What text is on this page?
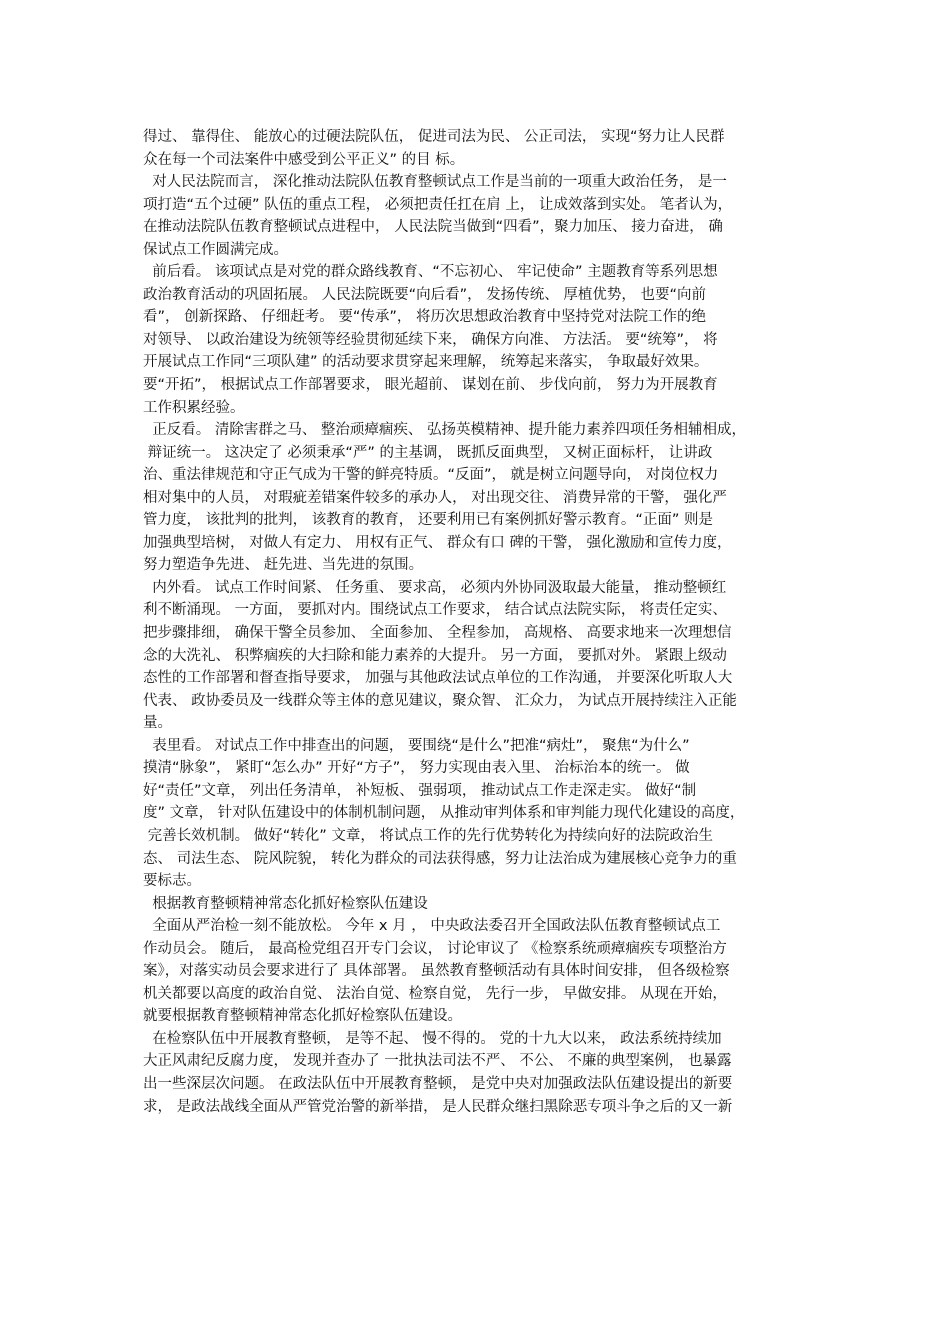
得过、 靠得住、 能放心的过硬法院队伍， 促进司法为民、 公正司法， 实现“努力让人民群
众在每一个司法案件中感受到公平正义” 的目 标。
对人民法院而言， 深化推动法院队伍教育整顿试点工作是当前的一项重大政治任务， 是一
项打造“五个过硬” 队伍的重点工程， 必须把责任扛在肩 上， 让成效落到实处。 笔者认为，
在推动法院队伍教育整顿试点进程中， 人民法院当做到“四看”，聚力加压、 接力奋进， 确
保试点工作圆满完成。
前后看。 该项试点是对党的群众路线教育、“不忘初心、 牢记使命” 主题教育等系列思想
政治教育活动的巩固拓展。 人民法院既要“向后看”， 发扬传统、 厚植优势， 也要“向前
看”， 创新探路、 仔细赶考。 要“传承”， 将历次思想政治教育中坚持党对法院工作的绝
对领导、 以政治建设为统领等经验贯彻延续下来， 确保方向准、 方法活。 要“统筹”， 将
开展试点工作同“三项队建” 的活动要求贯穿起来理解， 统筹起来落实， 争取最好效果。
要“开拓”， 根据试点工作部署要求， 眼光超前、 谋划在前、 步伐向前， 努力为开展教育
工作积累经验。
正反看。 清除害群之马、 整治顽瘴痼疾、 弘扬英模精神、提升能力素养四项任务相辅相成，
辩证统一。 这决定了 必须秉承“严” 的主基调， 既抓反面典型， 又树正面标杆， 让讲政
治、重法律规范和守正气成为干警的鲜亮特质。“反面”， 就是树立问题导向， 对岗位权力
相对集中的人员， 对瑕疵差错案件较多的承办人， 对出现交往、 消费异常的干警， 强化严
管力度， 该批判的批判， 该教育的教育， 还要利用已有案例抓好警示教育。“正面” 则是
加强典型培树， 对做人有定力、 用权有正气、 群众有口 碑的干警， 强化激励和宣传力度，
努力塑造争先进、 赶先进、当先进的氛围。
内外看。 试点工作时间紧、 任务重、 要求高， 必须内外协同汲取最大能量， 推动整顿红
利不断涌现。 一方面， 要抓对内。围绕试点工作要求， 结合试点法院实际， 将责任定实、
把步骤排细， 确保干警全员参加、 全面参加、 全程参加， 高规格、 高要求地来一次理想信
念的大洗礼、 积弊痼疾的大扫除和能力素养的大提升。 另一方面， 要抓对外。 紧跟上级动
态性的工作部署和督查指导要求， 加强与其他政法试点单位的工作沟通， 并要深化听取人大
代表、 政协委员及一线群众等主体的意见建议，聚众智、 汇众力， 为试点开展持续注入正能
量。
表里看。 对试点工作中排查出的问题， 要围绕“是什么”把准“病灶”， 聚焦“为什么”
摸清“脉象”， 紧盯“怎么办” 开好“方子”， 努力实现由表入里、 治标治本的统一。 做
好“责任”文章， 列出任务清单， 补短板、 强弱项， 推动试点工作走深走实。 做好“制
度” 文章， 针对队伍建设中的体制机制问题， 从推动审判体系和审判能力现代化建设的高度，
完善长效机制。 做好“转化” 文章， 将试点工作的先行优势转化为持续向好的法院政治生
态、 司法生态、 院风院貌， 转化为群众的司法获得感，努力让法治成为建展核心竞争力的重
要标志。
根据教育整顿精神常态化抓好检察队伍建设
全面从严治检一刻不能放松。 今年 x 月 ， 中央政法委召开全国政法队伍教育整顿试点工
作动员会。 随后， 最高检党组召开专门会议， 讨论审议了 《检察系统顽瘴痼疾专项整治方
案》，对落实动员会要求进行了 具体部署。 虽然教育整顿活动有具体时间安排， 但各级检察
机关都要以高度的政治自觉、 法治自觉、检察自觉， 先行一步， 早做安排。 从现在开始，
就要根据教育整顿精神常态化抓好检察队伍建设。
在检察队伍中开展教育整顿， 是等不起、 慢不得的。 党的十九大以来， 政法系统持续加
大正风肃纪反腐力度， 发现并查办了 一批执法司法不严、 不公、 不廉的典型案例， 也暴露
出一些深层次问题。 在政法队伍中开展教育整顿， 是党中央对加强政法队伍建设提出的新要
求， 是政法战线全面从严管党治警的新举措， 是人民群众继扫黑除恶专项斗争之后的又一新
